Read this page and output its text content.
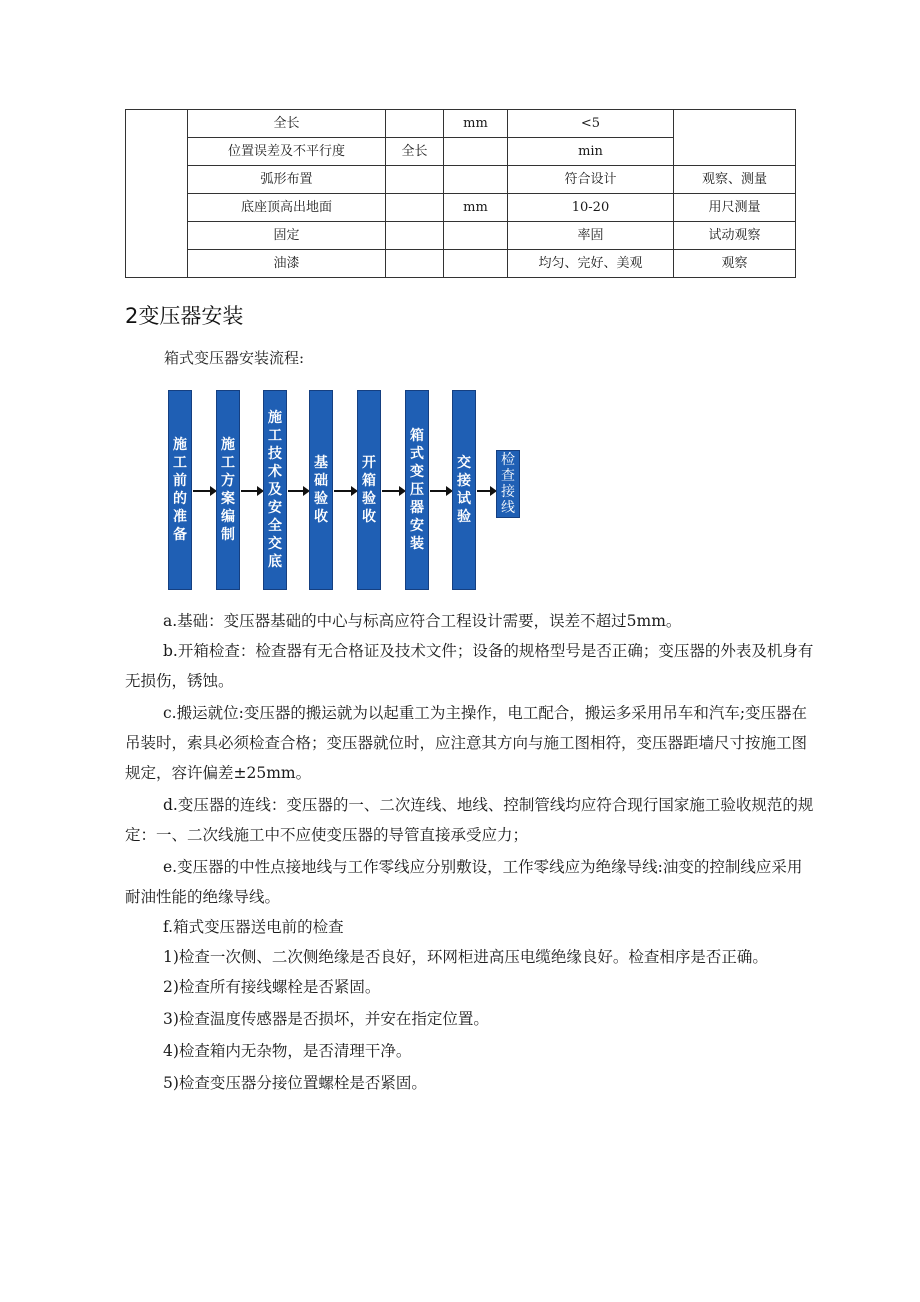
	全长		mm	<5	
	位置误差及不平行度	全长		min	
	弧形布置			符合设计	观察、测量
	底座顶高出地面		mm	10-20	用尺测量
	固定			率固	试动观察
	油漆			均匀、完好、美观	观察
2变压器安装
箱式变压器安装流程:
施工前的准备
施工方案编制
施工技术及安全交底
基础验收
开箱验收
箱式变压器安装
交接试验
检查接线
a.基础：变压器基础的中心与标高应符合工程设计需要，误差不超过5mm。
b.开箱检查：检查器有无合格证及技术文件；设备的规格型号是否正确；变压器的外表及机身有无损伤，锈蚀。
c.搬运就位:变压器的搬运就为以起重工为主操作，电工配合，搬运多采用吊车和汽车;变压器在吊装时，索具必须检查合格；变压器就位时，应注意其方向与施工图相符，变压器距墙尺寸按施工图规定，容许偏差±25mm。
d.变压器的连线：变压器的一、二次连线、地线、控制管线均应符合现行国家施工验收规范的规定：一、二次线施工中不应使变压器的导管直接承受应力；
e.变压器的中性点接地线与工作零线应分别敷设，工作零线应为绝缘导线:油变的控制线应采用耐油性能的绝缘导线。
f.箱式变压器送电前的检查
1)检查一次侧、二次侧绝缘是否良好，环网柜进高压电缆绝缘良好。检查相序是否正确。
2)检查所有接线螺栓是否紧固。
3)检查温度传感器是否损坏，并安在指定位置。
4)检查箱内无杂物，是否清理干净。
5)检查变压器分接位置螺栓是否紧固。
